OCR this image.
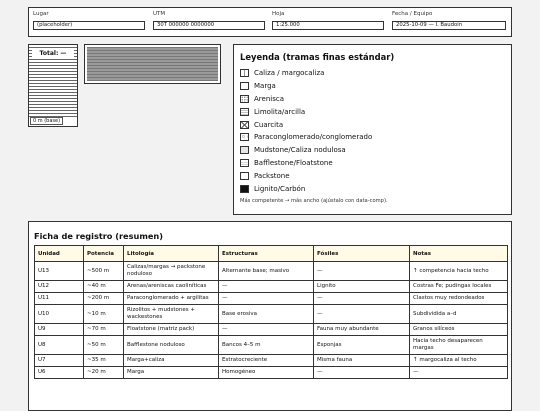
Lugar
(placeholder)
UTM
30T 000000 0000000
Hoja
1:25.000
Fecha / Equipo
2025-10-09 — I. Baudoin
Total: —
0 m (base)
Leyenda (tramas finas estándar)
Caliza / margocaliza
Marga
Arenisca
Limolita/arcilla
Cuarcita
Paraconglomerado/conglomerado
Mudstone/Caliza nodulosa
Bafflestone/Floatstone
Packstone
Lignito/Carbón
Más competente → más ancho (ajústalo con data-comp).
Ficha de registro (resumen)
Unidad	Potencia	Litología	Estructuras	Fósiles	Notas
U13	~500 m	Calizas/margas → packstone noduloso	Alternante base; masivo	—	↑ competencia hacia techo
U12	~40 m	Arenas/areniscas caoliníticas	—	Lignito	Costras Fe; pudingas locales
U11	~200 m	Paraconglomerado + argilitas	—	—	Clastos muy redondeados
U10	~10 m	Rizolitos + mudstones + wackestones	Base erosiva	—	Subdividida a–d
U9	~70 m	Floatstone (matriz pack)	—	Fauna muy abundante	Granos silíceos
U8	~50 m	Bafflestone noduloso	Bancos 4–5 m	Esponjas	Hacia techo desaparecen margas
U7	~35 m	Marga+caliza	Estratocreciente	Misma fauna	↑ margocaliza al techo
U6	~20 m	Marga	Homogéneo	—	—
